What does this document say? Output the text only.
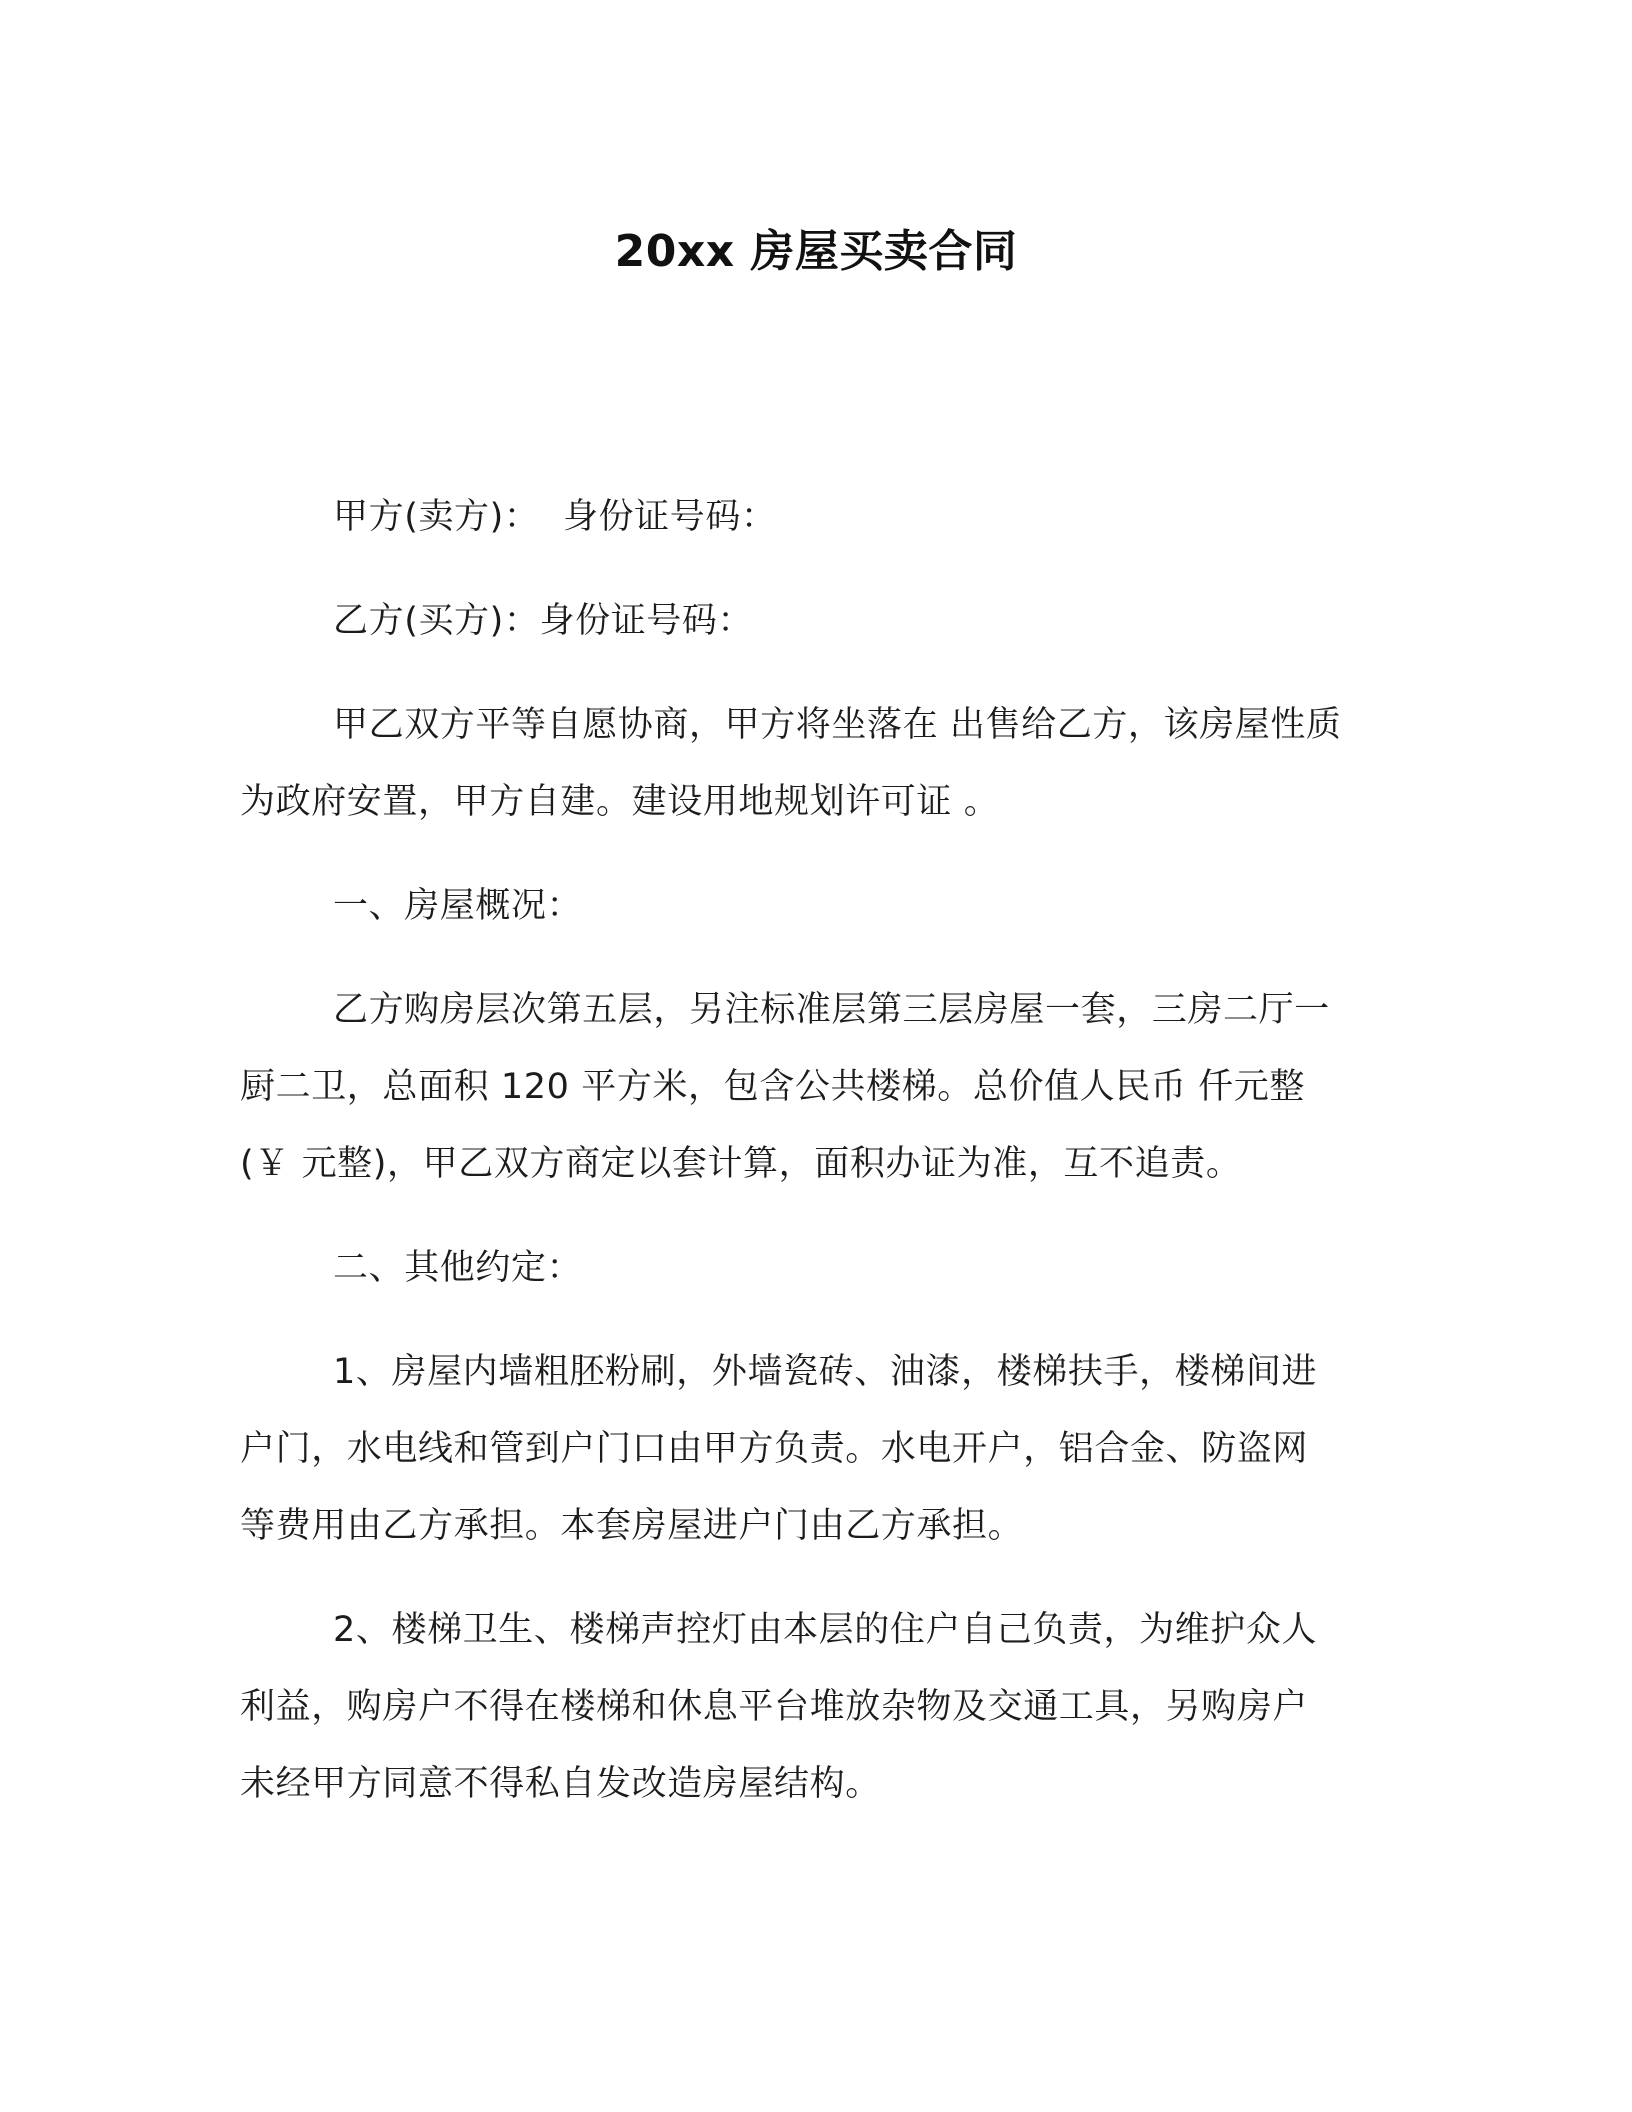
20xx 房屋买卖合同
甲方(卖方)：  身份证号码：
乙方(买方)：身份证号码：
甲乙双方平等自愿协商，甲方将坐落在 出售给乙方，该房屋性质
为政府安置，甲方自建。建设用地规划许可证 。
一、房屋概况：
乙方购房层次第五层，另注标准层第三层房屋一套，三房二厅一
厨二卫，总面积 120 平方米，包含公共楼梯。总价值人民币 仟元整
(￥ 元整)，甲乙双方商定以套计算，面积办证为准，互不追责。
二、其他约定：
1、房屋内墙粗胚粉刷，外墙瓷砖、油漆，楼梯扶手，楼梯间进
户门，水电线和管到户门口由甲方负责。水电开户，铝合金、防盗网
等费用由乙方承担。本套房屋进户门由乙方承担。
2、楼梯卫生、楼梯声控灯由本层的住户自己负责，为维护众人
利益，购房户不得在楼梯和休息平台堆放杂物及交通工具，另购房户
未经甲方同意不得私自发改造房屋结构。
